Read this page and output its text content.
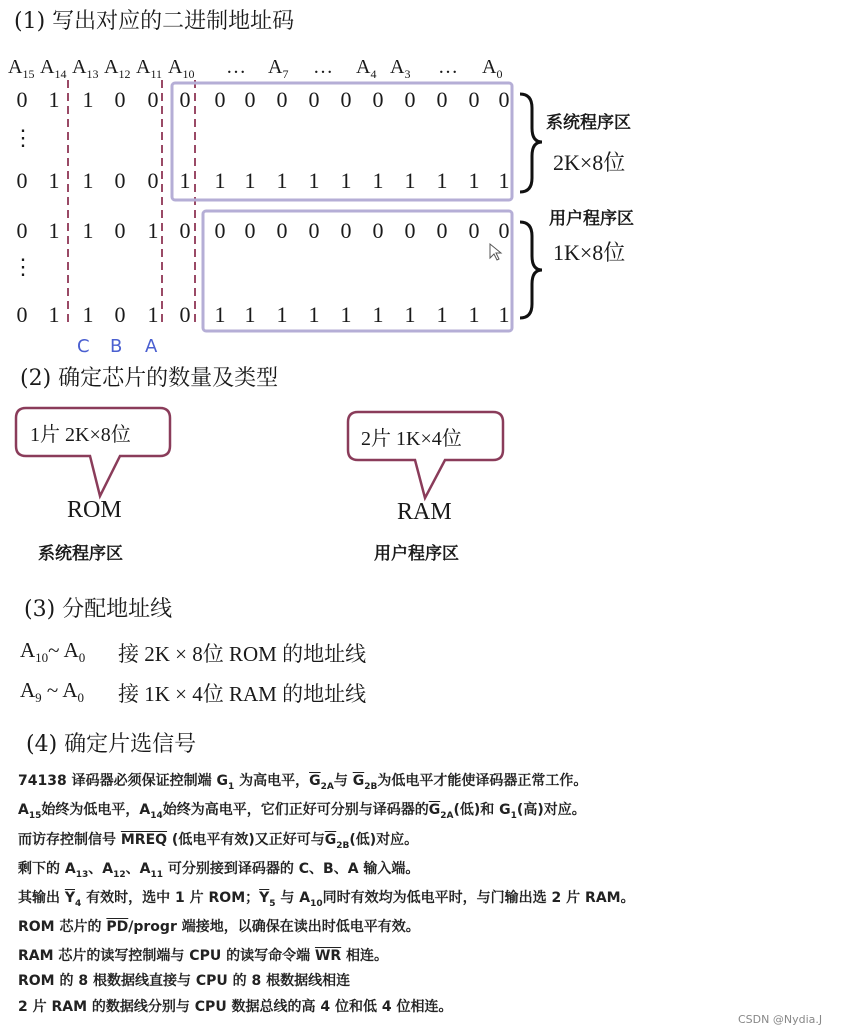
(1) 写出对应的二进制地址码
$A_{15}$ $A_{14}$ $A_{13}$ $A_{12}$ $A_{11}$ $A_{10}$ … $A_7$ … $A_4$ $A_3$ … $A_0$
0 1 1 0 0 0 0 0 0 0 0 0 0 0 0 0
0 1 1 0 0 1 1 1 1 1 1 1 1 1 1 1
0 1 1 0 1 0 0 0 0 0 0 0 0 0 0 0
0 1 1 0 1 0 1 1 1 1 1 1 1 1 1 1
⋮
⋮
系统程序区
2K×8位
用户程序区
1K×8位
C B A
(2) 确定芯片的数量及类型
1片 2K×8位	2片 1K×4位
ROM	RAM
系统程序区	用户程序区
(3) 分配地址线
$A_{10}\sim$ $A_0$ 接 2K × 8位 ROM 的地址线
$A_9$ ~ $A_0$ 接 1K × 4位 RAM 的地址线
(4) 确定片选信号
74138 译码器必须保证控制端 $G_1$ 为高电平，$\overline{G}_{2A}$与 $\overline{G}_{2B}$为低电平才能使译码器正常工作。
$A_{15}$始终为低电平，$A_{14}$始终为高电平，它们正好可分别与译码器的$\overline{G}_{2A}$(低)和 $G_1$(高)对应。
而访存控制信号 MREQ (低电平有效)又正好可与$\overline{G}_{2B}$(低)对应。
剩下的 $A_{13}$、$A_{12}$、$A_{11}$ 可分别接到译码器的 C、B、A 输入端。
其输出 $\overline{Y}_4$ 有效时，选中 1 片 ROM；$\overline{Y}_5$ 与 $A_{10}$同时有效均为低电平时，与门输出选 2 片 RAM。
ROM 芯片的 $\overline{PD}$/progr 端接地，以确保在读出时低电平有效。
RAM 芯片的读写控制端与 CPU 的读写命令端 $\overline{WR}$ 相连。
ROM 的 8 根数据线直接与 CPU 的 8 根数据线相连
2 片 RAM 的数据线分别与 CPU 数据总线的高 4 位和低 4 位相连。
CSDN @Nydia.J
